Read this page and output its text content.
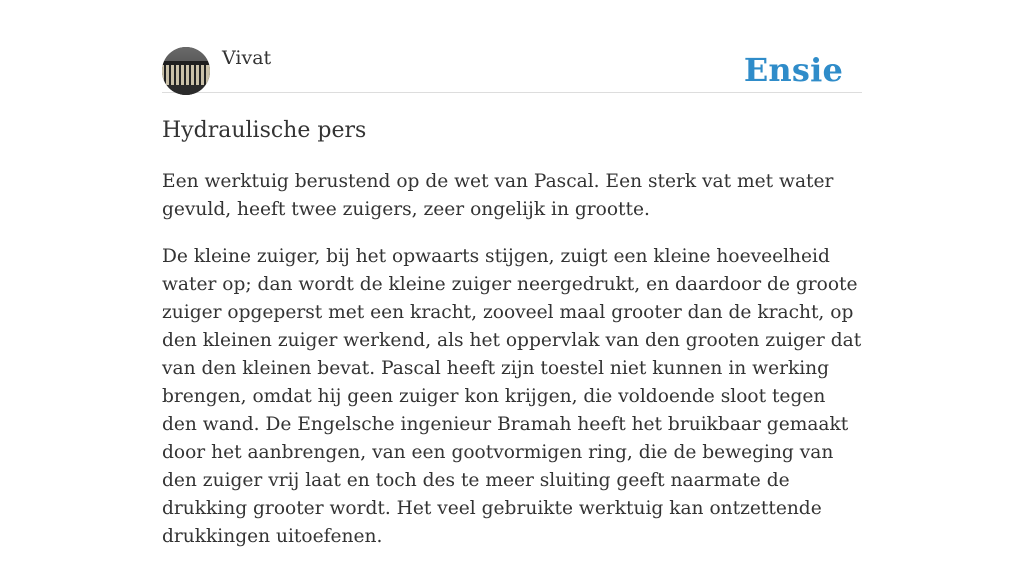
Vivat	Ensie
Hydraulische pers

Een werktuig berustend op de wet van Pascal. Een sterk vat met water gevuld, heeft twee zuigers, zeer ongelijk in grootte.

De kleine zuiger, bij het opwaarts stijgen, zuigt een kleine hoeveelheid water op; dan wordt de kleine zuiger neergedrukt, en daardoor de groote zuiger opgeperst met een kracht, zooveel maal grooter dan de kracht, op den kleinen zuiger werkend, als het oppervlak van den grooten zuiger dat van den kleinen bevat. Pascal heeft zijn toestel niet kunnen in werking brengen, omdat hij geen zuiger kon krijgen, die voldoende sloot tegen den wand. De Engelsche ingenieur Bramah heeft het bruikbaar gemaakt door het aanbrengen, van een gootvormigen ring, die de beweging van den zuiger vrij laat en toch des te meer sluiting geeft naarmate de drukking grooter wordt. Het veel gebruikte werktuig kan ontzettende drukkingen uitoefenen.
